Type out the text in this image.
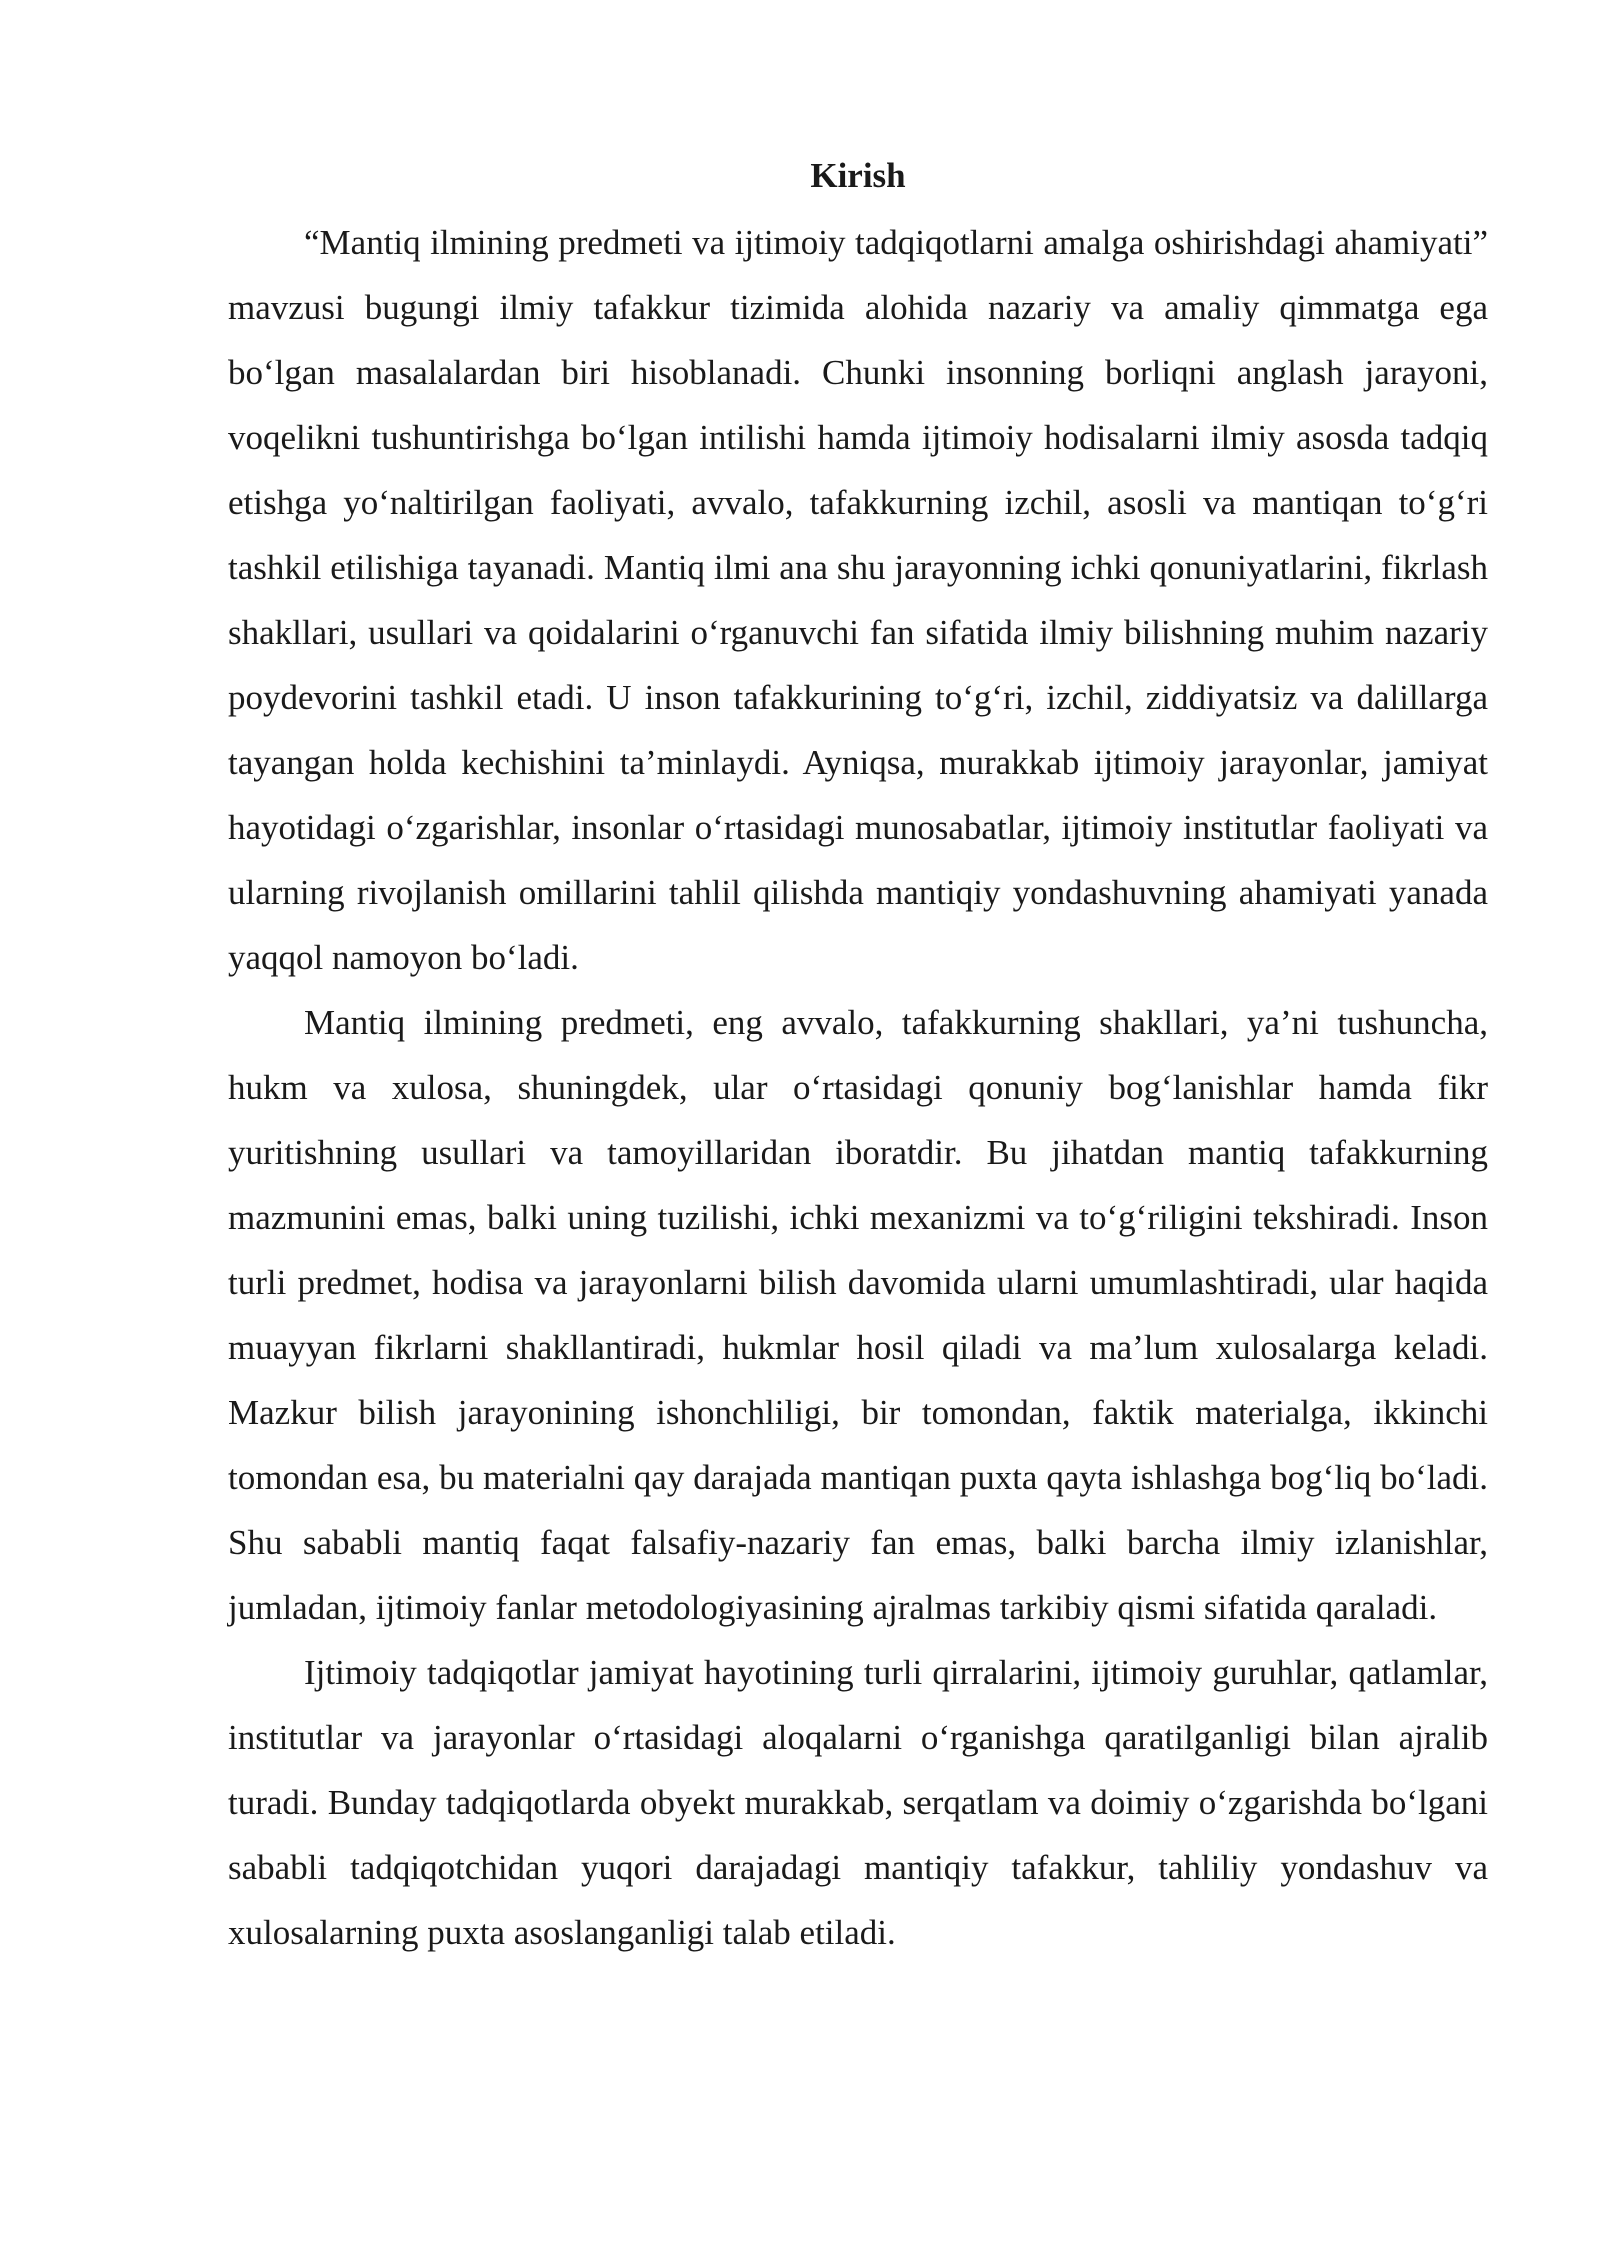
Kirish

“Mantiq ilmining predmeti va ijtimoiy tadqiqotlarni amalga oshirishdagi ahamiyati” mavzusi bugungi ilmiy tafakkur tizimida alohida nazariy va amaliy qimmatga ega bo‘lgan masalalardan biri hisoblanadi. Chunki insonning borliqni anglash jarayoni, voqelikni tushuntirishga bo‘lgan intilishi hamda ijtimoiy hodisalarni ilmiy asosda tadqiq etishga yo‘naltirilgan faoliyati, avvalo, tafakkurning izchil, asosli va mantiqan to‘g‘ri tashkil etilishiga tayanadi. Mantiq ilmi ana shu jarayonning ichki qonuniyatlarini, fikrlash shakllari, usullari va qoidalarini o‘rganuvchi fan sifatida ilmiy bilishning muhim nazariy poydevorini tashkil etadi. U inson tafakkurining to‘g‘ri, izchil, ziddiyatsiz va dalillarga tayangan holda kechishini ta’minlaydi. Ayniqsa, murakkab ijtimoiy jarayonlar, jamiyat hayotidagi o‘zgarishlar, insonlar o‘rtasidagi munosabatlar, ijtimoiy institutlar faoliyati va ularning rivojlanish omillarini tahlil qilishda mantiqiy yondashuvning ahamiyati yanada yaqqol namoyon bo‘ladi.

Mantiq ilmining predmeti, eng avvalo, tafakkurning shakllari, ya’ni tushuncha, hukm va xulosa, shuningdek, ular o‘rtasidagi qonuniy bog‘lanishlar hamda fikr yuritishning usullari va tamoyillaridan iboratdir. Bu jihatdan mantiq tafakkurning mazmunini emas, balki uning tuzilishi, ichki mexanizmi va to‘g‘riligini tekshiradi. Inson turli predmet, hodisa va jarayonlarni bilish davomida ularni umumlashtiradi, ular haqida muayyan fikrlarni shakllantiradi, hukmlar hosil qiladi va ma’lum xulosalarga keladi. Mazkur bilish jarayonining ishonchliligi, bir tomondan, faktik materialga, ikkinchi tomondan esa, bu materialni qay darajada mantiqan puxta qayta ishlashga bog‘liq bo‘ladi. Shu sababli mantiq faqat falsafiy-nazariy fan emas, balki barcha ilmiy izlanishlar, jumladan, ijtimoiy fanlar metodologiyasining ajralmas tarkibiy qismi sifatida qaraladi.

Ijtimoiy tadqiqotlar jamiyat hayotining turli qirralarini, ijtimoiy guruhlar, qatlamlar, institutlar va jarayonlar o‘rtasidagi aloqalarni o‘rganishga qaratilganligi bilan ajralib turadi. Bunday tadqiqotlarda obyekt murakkab, serqatlam va doimiy o‘zgarishda bo‘lgani sababli tadqiqotchidan yuqori darajadagi mantiqiy tafakkur, tahliliy yondashuv va xulosalarning puxta asoslanganligi talab etiladi.
